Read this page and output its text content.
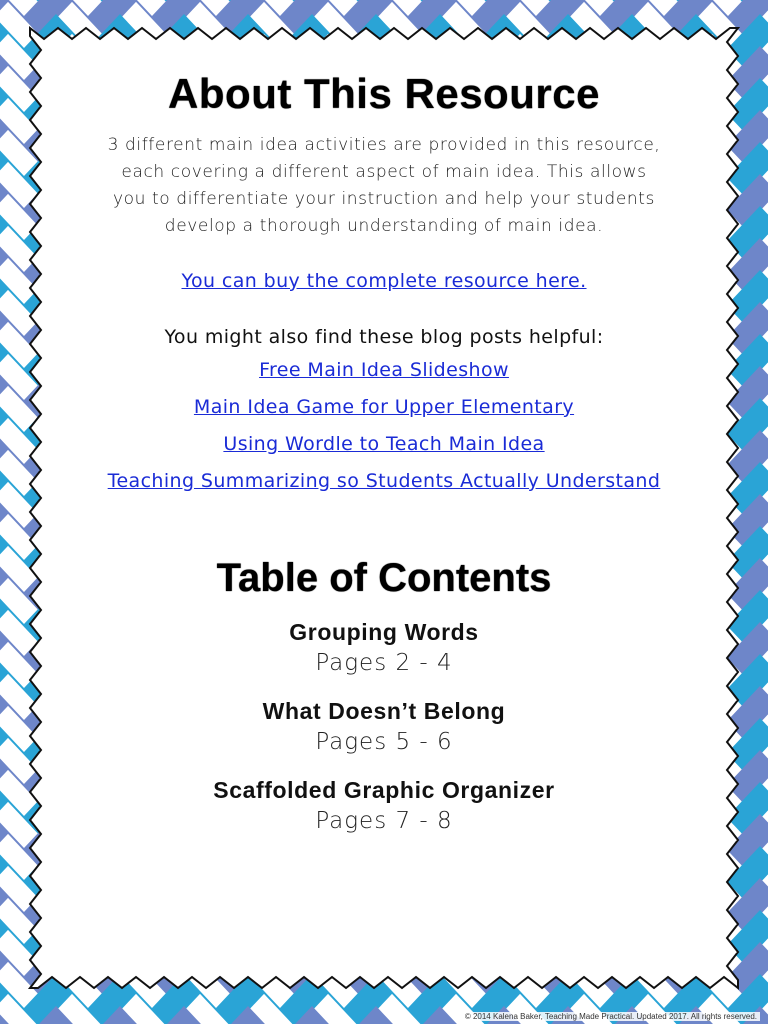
About This Resource
3 different main idea activities are provided in this resource,
each covering a different aspect of main idea. This allows
you to differentiate your instruction and help your students
develop a thorough understanding of main idea.
You can buy the complete resource here.
You might also find these blog posts helpful:
Free Main Idea Slideshow
Main Idea Game for Upper Elementary
Using Wordle to Teach Main Idea
Teaching Summarizing so Students Actually Understand
Table of Contents
Grouping Words
Pages 2 - 4
What Doesn’t Belong
Pages 5 - 6
Scaffolded Graphic Organizer
Pages 7 - 8
© 2014 Kalena Baker, Teaching Made Practical. Updated 2017. All rights reserved.
